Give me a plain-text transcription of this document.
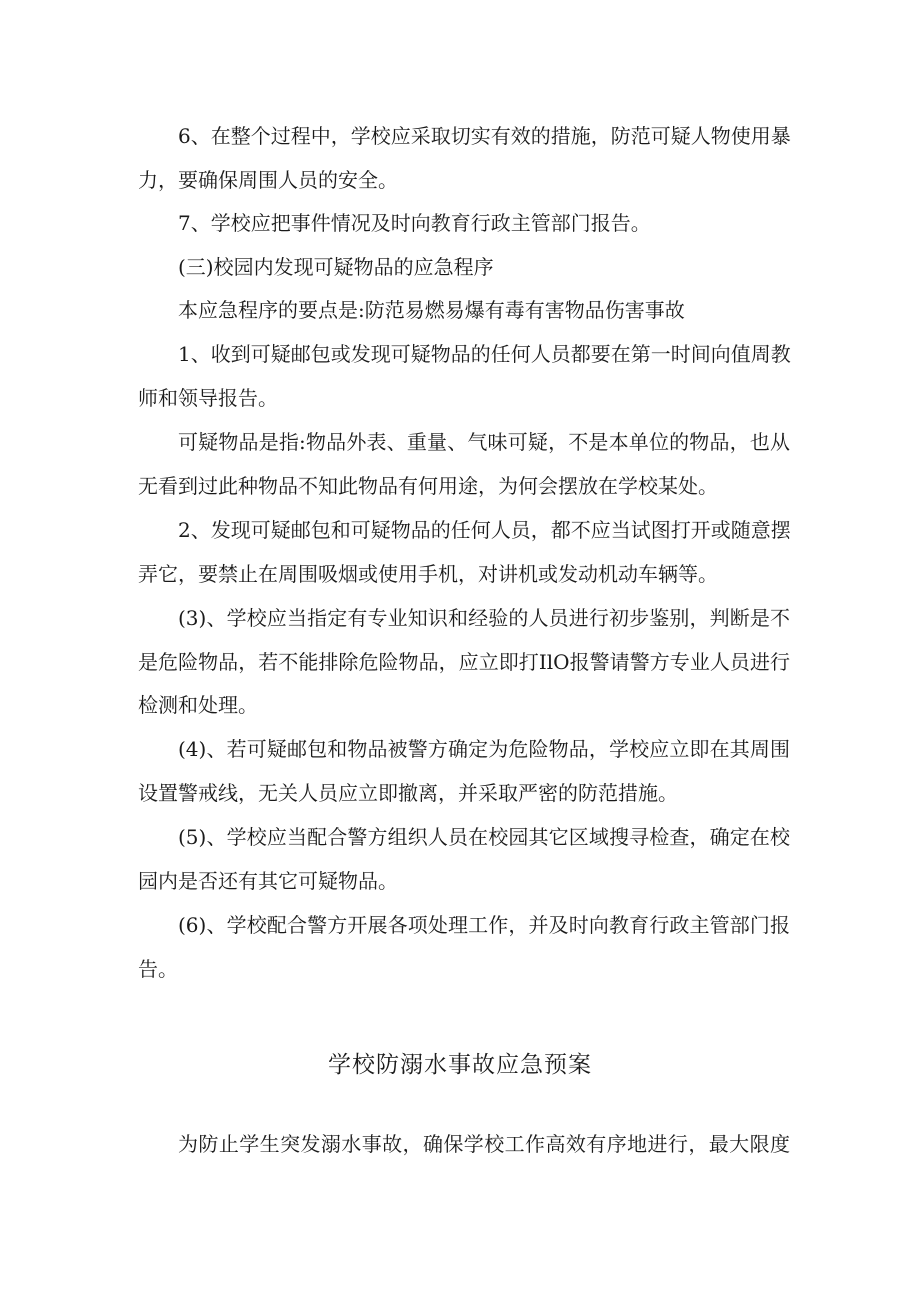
6、在整个过程中，学校应采取切实有效的措施，防范可疑人物使用暴
力，要确保周围人员的安全。
7、学校应把事件情况及时向教育行政主管部门报告。
(三)校园内发现可疑物品的应急程序
本应急程序的要点是:防范易燃易爆有毒有害物品伤害事故
1、收到可疑邮包或发现可疑物品的任何人员都要在第一时间向值周教
师和领导报告。
可疑物品是指:物品外表、重量、气味可疑，不是本单位的物品，也从
无看到过此种物品不知此物品有何用途，为何会摆放在学校某处。
2、发现可疑邮包和可疑物品的任何人员，都不应当试图打开或随意摆
弄它，要禁止在周围吸烟或使用手机，对讲机或发动机动车辆等。
(3)、学校应当指定有专业知识和经验的人员进行初步鉴别，判断是不
是危险物品，若不能排除危险物品，应立即打IlO报警请警方专业人员进行
检测和处理。
(4)、若可疑邮包和物品被警方确定为危险物品，学校应立即在其周围
设置警戒线，无关人员应立即撤离，并采取严密的防范措施。
(5)、学校应当配合警方组织人员在校园其它区域搜寻检查，确定在校
园内是否还有其它可疑物品。
(6)、学校配合警方开展各项处理工作，并及时向教育行政主管部门报
告。
学校防溺水事故应急预案
为防止学生突发溺水事故，确保学校工作高效有序地进行，最大限度
